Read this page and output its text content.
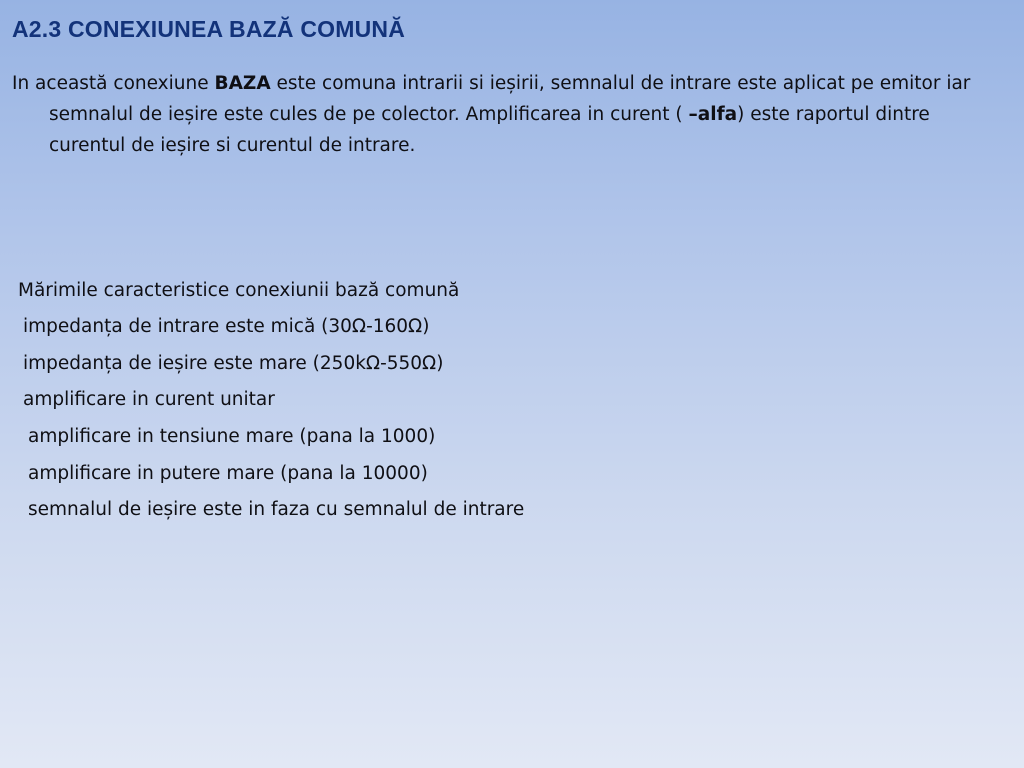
A2.3 CONEXIUNEA BAZĂ COMUNĂ

In această conexiune BAZA este comuna intrarii si ieșirii, semnalul de intrare este aplicat pe emitor iar semnalul de ieșire este cules de pe colector. Amplificarea in curent ( –alfa) este raportul dintre curentul de ieșire si curentul de intrare.

Mărimile caracteristice conexiunii bază comună
impedanța de intrare este mică (30Ω-160Ω)
impedanța de ieșire este mare (250kΩ-550Ω)
amplificare in curent unitar
amplificare in tensiune mare (pana la 1000)
amplificare in putere mare (pana la 10000)
semnalul de ieșire este in faza cu semnalul de intrare
